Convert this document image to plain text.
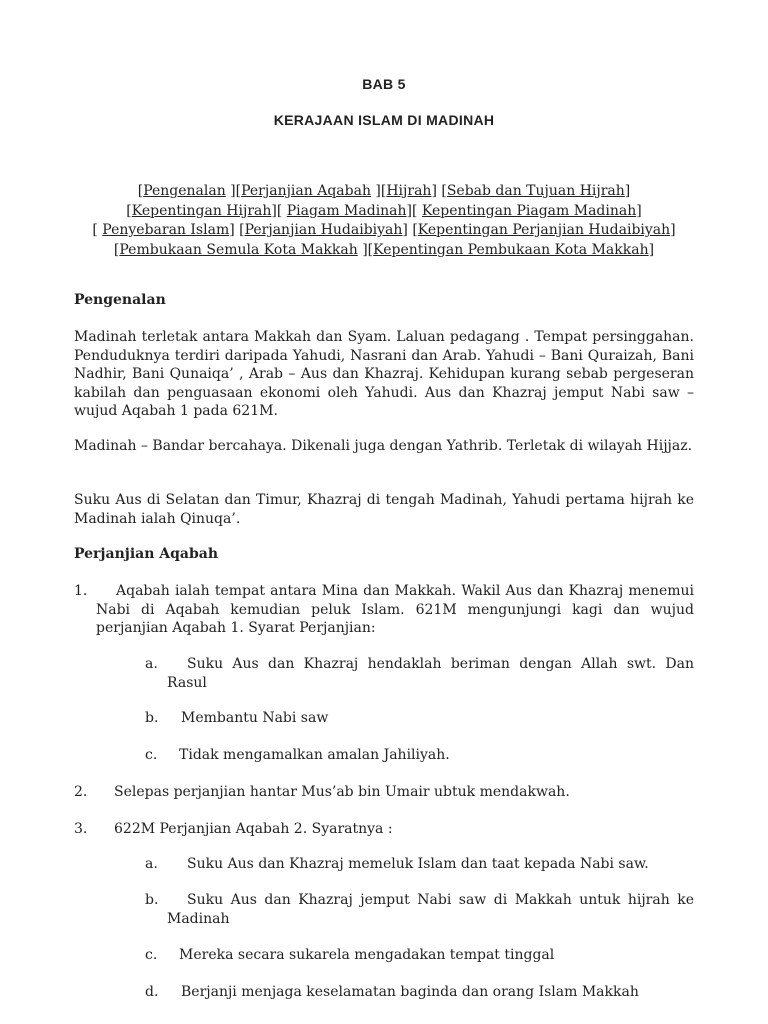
BAB 5
KERAJAAN ISLAM DI MADINAH
[Pengenalan ][Perjanjian Aqabah ][Hijrah] [Sebab dan Tujuan Hijrah]
[Kepentingan Hijrah][ Piagam Madinah][ Kepentingan Piagam Madinah]
[ Penyebaran Islam] [Perjanjian Hudaibiyah] [Kepentingan Perjanjian Hudaibiyah] [Pembukaan Semula Kota Makkah ][Kepentingan Pembukaan Kota Makkah]
Pengenalan
Madinah terletak antara Makkah dan Syam. Laluan pedagang . Tempat persinggahan. Penduduknya terdiri daripada Yahudi, Nasrani dan Arab. Yahudi – Bani Quraizah, Bani Nadhir, Bani Qunaiqa’ , Arab – Aus dan Khazraj. Kehidupan kurang sebab pergeseran kabilah dan penguasaan ekonomi oleh Yahudi. Aus dan Khazraj jemput Nabi saw – wujud Aqabah 1 pada 621M.
Madinah – Bandar bercahaya. Dikenali juga dengan Yathrib. Terletak di wilayah Hijjaz.
Suku Aus di Selatan dan Timur, Khazraj di tengah Madinah, Yahudi pertama hijrah ke Madinah ialah Qinuqa’.
Perjanjian Aqabah
1.	Aqabah ialah tempat antara Mina dan Makkah. Wakil Aus dan Khazraj menemui Nabi di Aqabah kemudian peluk Islam. 621M mengunjungi kagi dan wujud perjanjian Aqabah 1. Syarat Perjanjian:
a.	Suku Aus dan Khazraj hendaklah beriman dengan Allah swt. Dan Rasul
b.	Membantu Nabi saw
c.	Tidak mengamalkan amalan Jahiliyah.
2. Selepas perjanjian hantar Mus’ab bin Umair ubtuk mendakwah.
3. 622M Perjanjian Aqabah 2. Syaratnya :
a.	Suku Aus dan Khazraj memeluk Islam dan taat kepada Nabi saw.
b.	Suku Aus dan Khazraj jemput Nabi saw di Makkah untuk hijrah ke Madinah
c.	Mereka secara sukarela mengadakan tempat tinggal
d.	Berjanji menjaga keselamatan baginda dan orang Islam Makkah
